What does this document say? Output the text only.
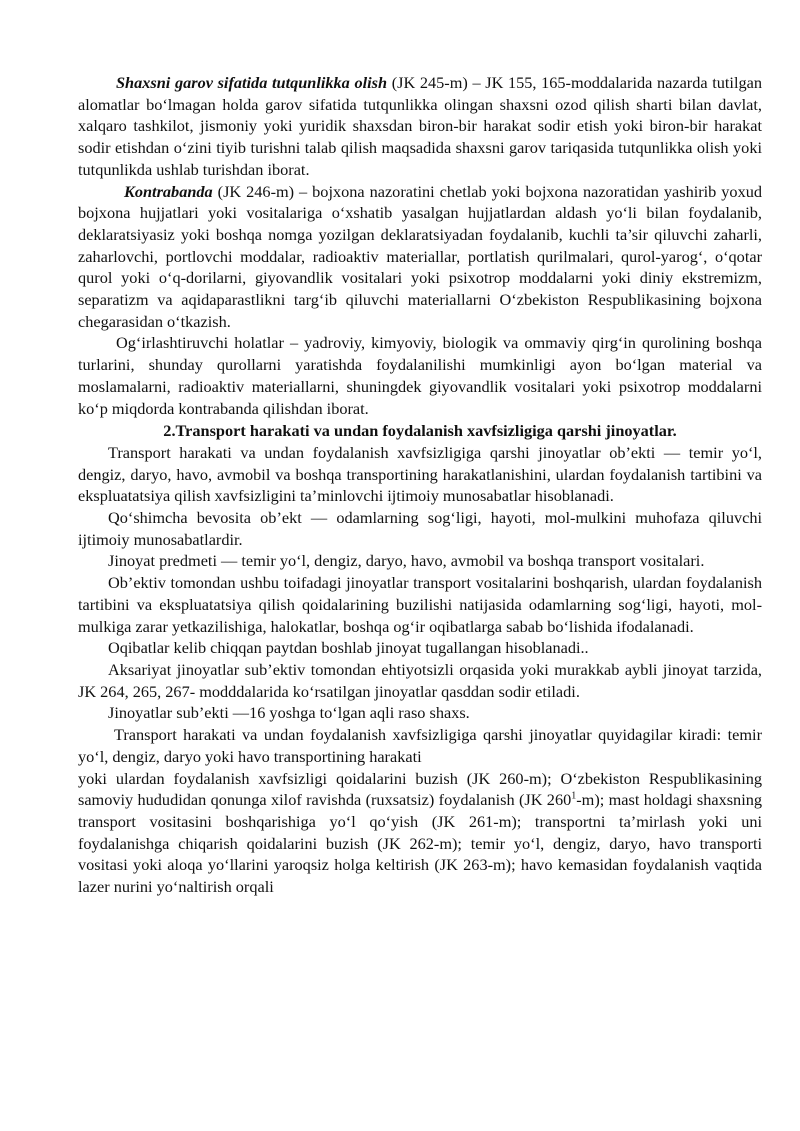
Shaxsni garov sifatida tutqunlikka olish (JK 245-m) – JK 155, 165-moddalarida nazarda tutilgan alomatlar bo‘lmagan holda garov sifatida tutqunlikka olingan shaxsni ozod qilish sharti bilan davlat, xalqaro tashkilot, jismoniy yoki yuridik shaxsdan biron-bir harakat sodir etish yoki biron-bir harakat sodir etishdan o‘zini tiyib turishni talab qilish maqsadida shaxsni garov tariqasida tutqunlikka olish yoki tutqunlikda ushlab turishdan iborat.

Kontrabanda (JK 246-m) – bojxona nazoratini chetlab yoki bojxona nazoratidan yashirib yoxud bojxona hujjatlari yoki vositalariga o‘xshatib yasalgan hujjatlardan aldash yo‘li bilan foydalanib, deklaratsiyasiz yoki boshqa nomga yozilgan deklaratsiyadan foydalanib, kuchli ta’sir qiluvchi zaharli, zaharlovchi, portlovchi moddalar, radioaktiv materiallar, portlatish qurilmalari, qurol-yarog‘, o‘qotar qurol yoki o‘q-dorilarni, giyovandlik vositalari yoki psixotrop moddalarni yoki diniy ekstremizm, separatizm va aqidaparastlikni targ‘ib qiluvchi materiallarni O‘zbekiston Respublikasining bojxona chegarasidan o‘tkazish.

Og‘irlashtiruvchi holatlar – yadroviy, kimyoviy, biologik va ommaviy qirg‘in qurolining boshqa turlarini, shunday qurollarni yaratishda foydalanilishi mumkinligi ayon bo‘lgan material va moslamalarni, radioaktiv materiallarni, shuningdek giyovandlik vositalari yoki psixotrop moddalarni ko‘p miqdorda kontrabanda qilishdan iborat.

2.Transport harakati va undan foydalanish xavfsizligiga qarshi jinoyatlar.

Transport harakati va undan foydalanish xavfsizligiga qarshi jinoyatlar ob’ekti — temir yo‘l, dengiz, daryo, havo, avmobil va boshqa transportining harakatlanishini, ulardan foydalanish tartibini va ekspluatatsiya qilish xavfsizligini ta’minlovchi ijtimoiy munosabatlar hisoblanadi.

Qo‘shimcha bevosita ob’ekt — odamlarning sog‘ligi, hayoti, mol-mulkini muhofaza qiluvchi ijtimoiy munosabatlardir.

Jinoyat predmeti — temir yo‘l, dengiz, daryo, havo, avmobil va boshqa transport vositalari.

Ob’ektiv tomondan ushbu toifadagi jinoyatlar transport vositalarini boshqarish, ulardan foydalanish tartibini va ekspluatatsiya qilish qoidalarining buzilishi natijasida odamlarning sog‘ligi, hayoti, mol-mulkiga zarar yetkazilishiga, halokatlar, boshqa og‘ir oqibatlarga sabab bo‘lishida ifodalanadi.

Oqibatlar kelib chiqqan paytdan boshlab jinoyat tugallangan hisoblanadi..

Aksariyat jinoyatlar sub’ektiv tomondan ehtiyotsizli orqasida yoki murakkab aybli jinoyat tarzida, JK 264, 265, 267- modddalarida ko‘rsatilgan jinoyatlar qasddan sodir etiladi.

Jinoyatlar sub’ekti —16 yoshga to‘lgan aqli raso shaxs.

Transport harakati va undan foydalanish xavfsizligiga qarshi jinoyatlar quyidagilar kiradi: temir yo‘l, dengiz, daryo yoki havo transportining harakati

yoki ulardan foydalanish xavfsizligi qoidalarini buzish (JK 260-m); O‘zbekiston Respublikasining samoviy hududidan qonunga xilof ravishda (ruxsatsiz) foydalanish (JK $260^1-m$); mast holdagi shaxsning transport vositasini boshqarishiga yo‘l qo‘yish (JK 261-m); transportni ta’mirlash yoki uni foydalanishga chiqarish qoidalarini buzish (JK 262-m); temir yo‘l, dengiz, daryo, havo transporti vositasi yoki aloqa yo‘llarini yaroqsiz holga keltirish (JK 263-m); havo kemasidan foydalanish vaqtida lazer nurini yo‘naltirish orqali
